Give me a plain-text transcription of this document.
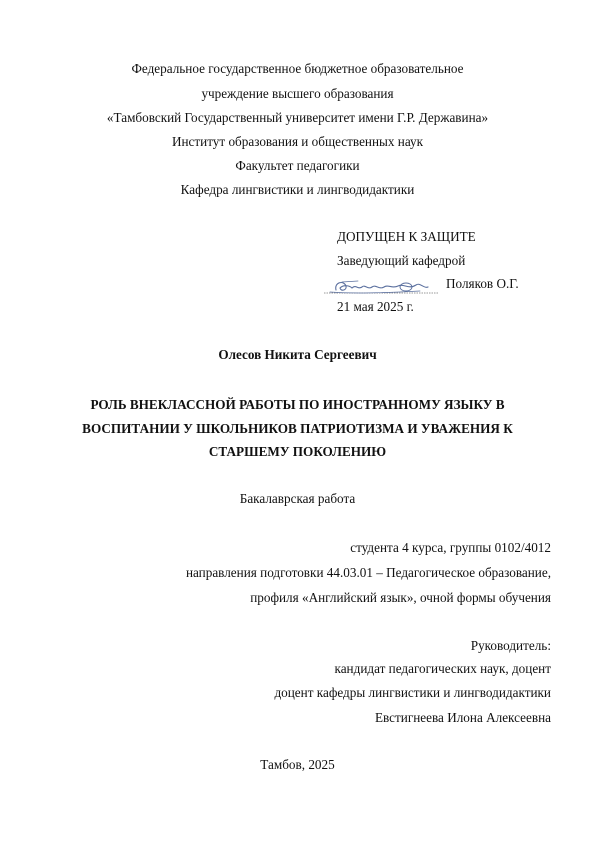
Федеральное государственное бюджетное образовательное
учреждение высшего образования
«Тамбовский Государственный университет имени Г.Р. Державина»
Институт образования и общественных наук
Факультет педагогики
Кафедра лингвистики и лингводидактики
ДОПУЩЕН К ЗАЩИТЕ
Заведующий кафедрой
Поляков О.Г.
21 мая 2025 г.
Олесов Никита Сергеевич
РОЛЬ ВНЕКЛАССНОЙ РАБОТЫ ПО ИНОСТРАННОМУ ЯЗЫКУ В
ВОСПИТАНИИ У ШКОЛЬНИКОВ ПАТРИОТИЗМА И УВАЖЕНИЯ К
СТАРШЕМУ ПОКОЛЕНИЮ
Бакалаврская работа
студента 4 курса, группы 0102/4012
направления подготовки 44.03.01 – Педагогическое образование,
профиля «Английский язык», очной формы обучения
Руководитель:
кандидат педагогических наук, доцент
доцент кафедры лингвистики и лингводидактики
Евстигнеева Илона Алексеевна
Тамбов, 2025
